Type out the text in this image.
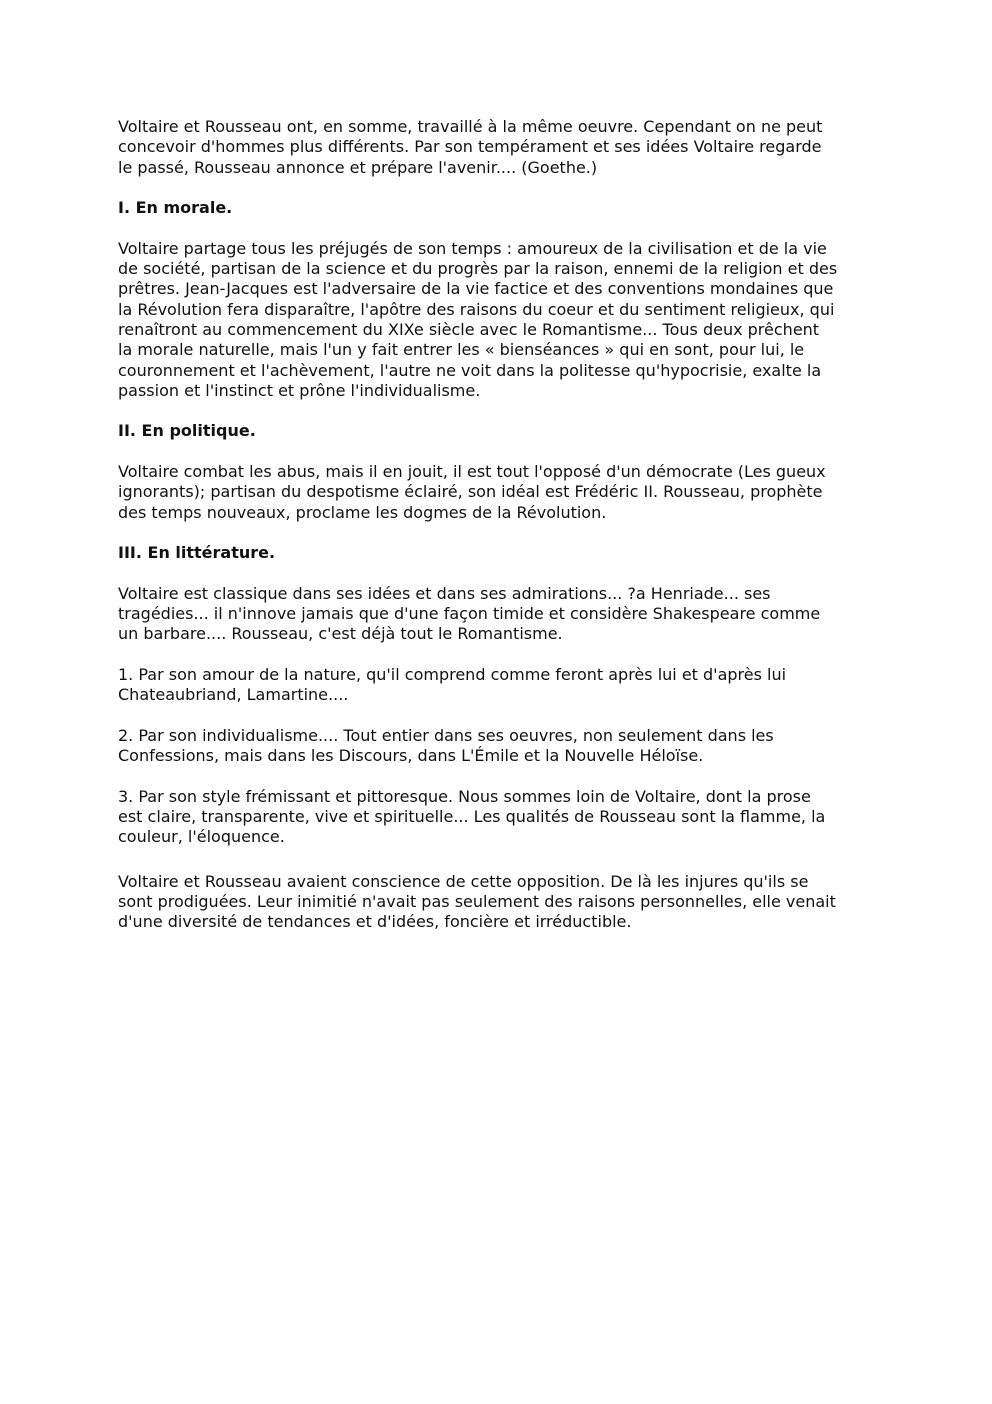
Voltaire et Rousseau ont, en somme, travaillé à la même oeuvre. Cependant on ne peut
concevoir d'hommes plus différents. Par son tempérament et ses idées Voltaire regarde
le passé, Rousseau annonce et prépare l'avenir.... (Goethe.)

I. En morale.

Voltaire partage tous les préjugés de son temps : amoureux de la civilisation et de la vie
de société, partisan de la science et du progrès par la raison, ennemi de la religion et des
prêtres. Jean-Jacques est l'adversaire de la vie factice et des conventions mondaines que
la Révolution fera disparaître, l'apôtre des raisons du coeur et du sentiment religieux, qui
renaîtront au commencement du XIXe siècle avec le Romantisme... Tous deux prêchent
la morale naturelle, mais l'un y fait entrer les « bienséances » qui en sont, pour lui, le
couronnement et l'achèvement, l'autre ne voit dans la politesse qu'hypocrisie, exalte la
passion et l'instinct et prône l'individualisme.

II. En politique.

Voltaire combat les abus, mais il en jouit, il est tout l'opposé d'un démocrate (Les gueux
ignorants); partisan du despotisme éclairé, son idéal est Frédéric II. Rousseau, prophète
des temps nouveaux, proclame les dogmes de la Révolution.

III. En littérature.

Voltaire est classique dans ses idées et dans ses admirations... ?a Henriade... ses
tragédies... il n'innove jamais que d'une façon timide et considère Shakespeare comme
un barbare.... Rousseau, c'est déjà tout le Romantisme.

1. Par son amour de la nature, qu'il comprend comme feront après lui et d'après lui
Chateaubriand, Lamartine....

2. Par son individualisme.... Tout entier dans ses oeuvres, non seulement dans les
Confessions, mais dans les Discours, dans L'Émile et la Nouvelle Héloïse.

3. Par son style frémissant et pittoresque. Nous sommes loin de Voltaire, dont la prose
est claire, transparente, vive et spirituelle... Les qualités de Rousseau sont la flamme, la
couleur, l'éloquence.

Voltaire et Rousseau avaient conscience de cette opposition. De là les injures qu'ils se
sont prodiguées. Leur inimitié n'avait pas seulement des raisons personnelles, elle venait
d'une diversité de tendances et d'idées, foncière et irréductible.
